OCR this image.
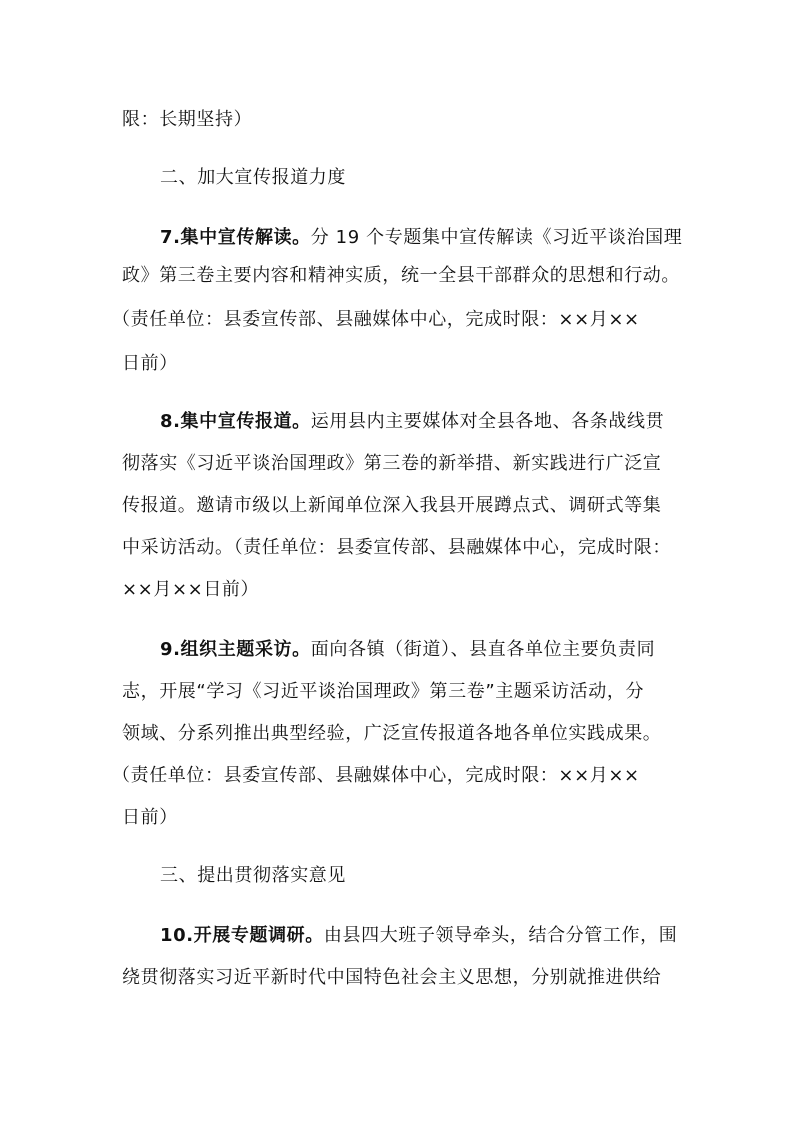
限：长期坚持）
二、加大宣传报道力度
7.集中宣传解读。分 19 个专题集中宣传解读《习近平谈治国理
政》第三卷主要内容和精神实质，统一全县干部群众的思想和行动。
（责任单位：县委宣传部、县融媒体中心，完成时限：××月××
日前）
8.集中宣传报道。运用县内主要媒体对全县各地、各条战线贯
彻落实《习近平谈治国理政》第三卷的新举措、新实践进行广泛宣
传报道。邀请市级以上新闻单位深入我县开展蹲点式、调研式等集
中采访活动。（责任单位：县委宣传部、县融媒体中心，完成时限：
××月××日前）
9.组织主题采访。面向各镇（街道）、县直各单位主要负责同
志，开展“学习《习近平谈治国理政》第三卷”主题采访活动，分
领域、分系列推出典型经验，广泛宣传报道各地各单位实践成果。
（责任单位：县委宣传部、县融媒体中心，完成时限：××月××
日前）
三、提出贯彻落实意见
10.开展专题调研。由县四大班子领导牵头，结合分管工作，围
绕贯彻落实习近平新时代中国特色社会主义思想，分别就推进供给
